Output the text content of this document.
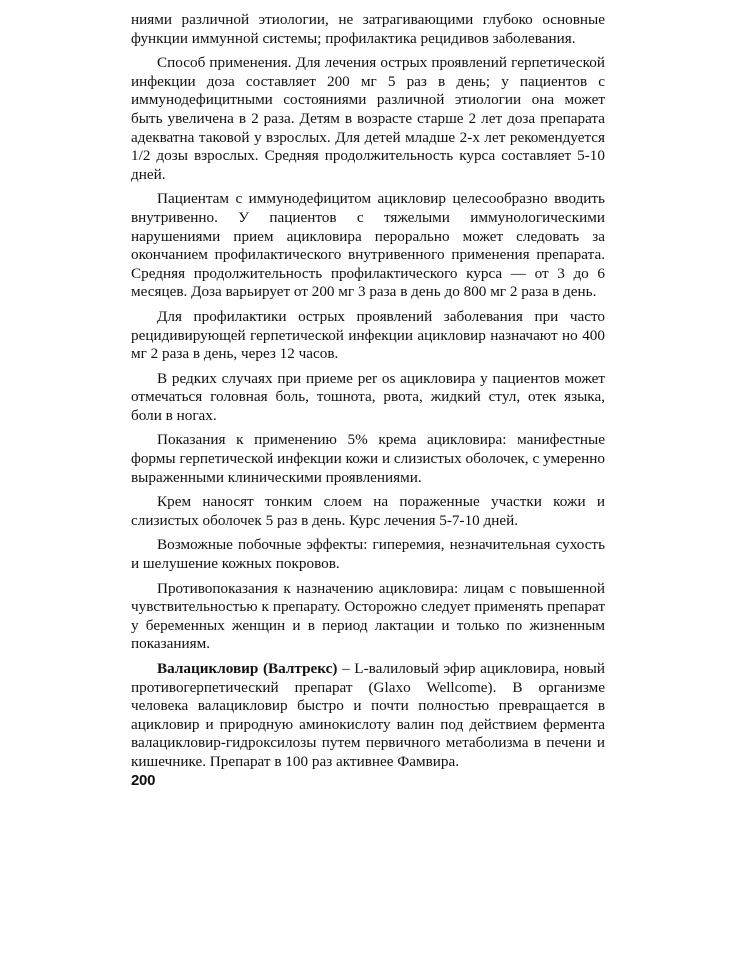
ниями различной этиологии, не затрагивающими глубоко основные функции иммунной системы; профилактика рецидивов заболевания.

Способ применения. Для лечения острых проявлений герпетической инфекции доза составляет 200 мг 5 раз в день; у пациентов с иммунодефицитными состояниями различной этиологии она может быть увеличена в 2 раза. Детям в возрасте старше 2 лет доза препарата адекватна таковой у взрослых. Для детей младше 2-х лет рекомендуется 1/2 дозы взрослых. Средняя продолжительность курса составляет 5-10 дней.

Пациентам с иммунодефицитом ацикловир целесообразно вводить внутривенно. У пациентов с тяжелыми иммунологическими нарушениями прием ацикловира перорально может следовать за окончанием профилактического внутривенного применения препарата. Средняя продолжительность профилактического курса — от 3 до 6 месяцев. Доза варьирует от 200 мг 3 раза в день до 800 мг 2 раза в день.

Для профилактики острых проявлений заболевания при часто рецидивирующей герпетической инфекции ацикловир назначают но 400 мг 2 раза в день, через 12 часов.

В редких случаях при приеме per os ацикловира у пациентов может отмечаться головная боль, тошнота, рвота, жидкий стул, отек языка, боли в ногах.

Показания к применению 5% крема ацикловира: манифестные формы герпетической инфекции кожи и слизистых оболочек, с умеренно выраженными клиническими проявлениями.

Крем наносят тонким слоем на пораженные участки кожи и слизистых оболочек 5 раз в день. Курс лечения 5-7-10 дней.

Возможные побочные эффекты: гиперемия, незначительная сухость и шелушение кожных покровов.

Противопоказания к назначению ацикловира: лицам с повышенной чувствительностью к препарату. Осторожно следует применять препарат у беременных женщин и в период лактации и только по жизненным показаниям.

Валацикловир (Валтрекс) – L-валиловый эфир ацикловира, новый противогерпетический препарат (Glaxo Wellcome). В организме человека валацикловир быстро и почти полностью превращается в ацикловир и природную аминокислоту валин под действием фермента валацикловир-гидроксилозы путем первичного метаболизма в печени и кишечнике. Препарат в 100 раз активнее Фамвира.

200
